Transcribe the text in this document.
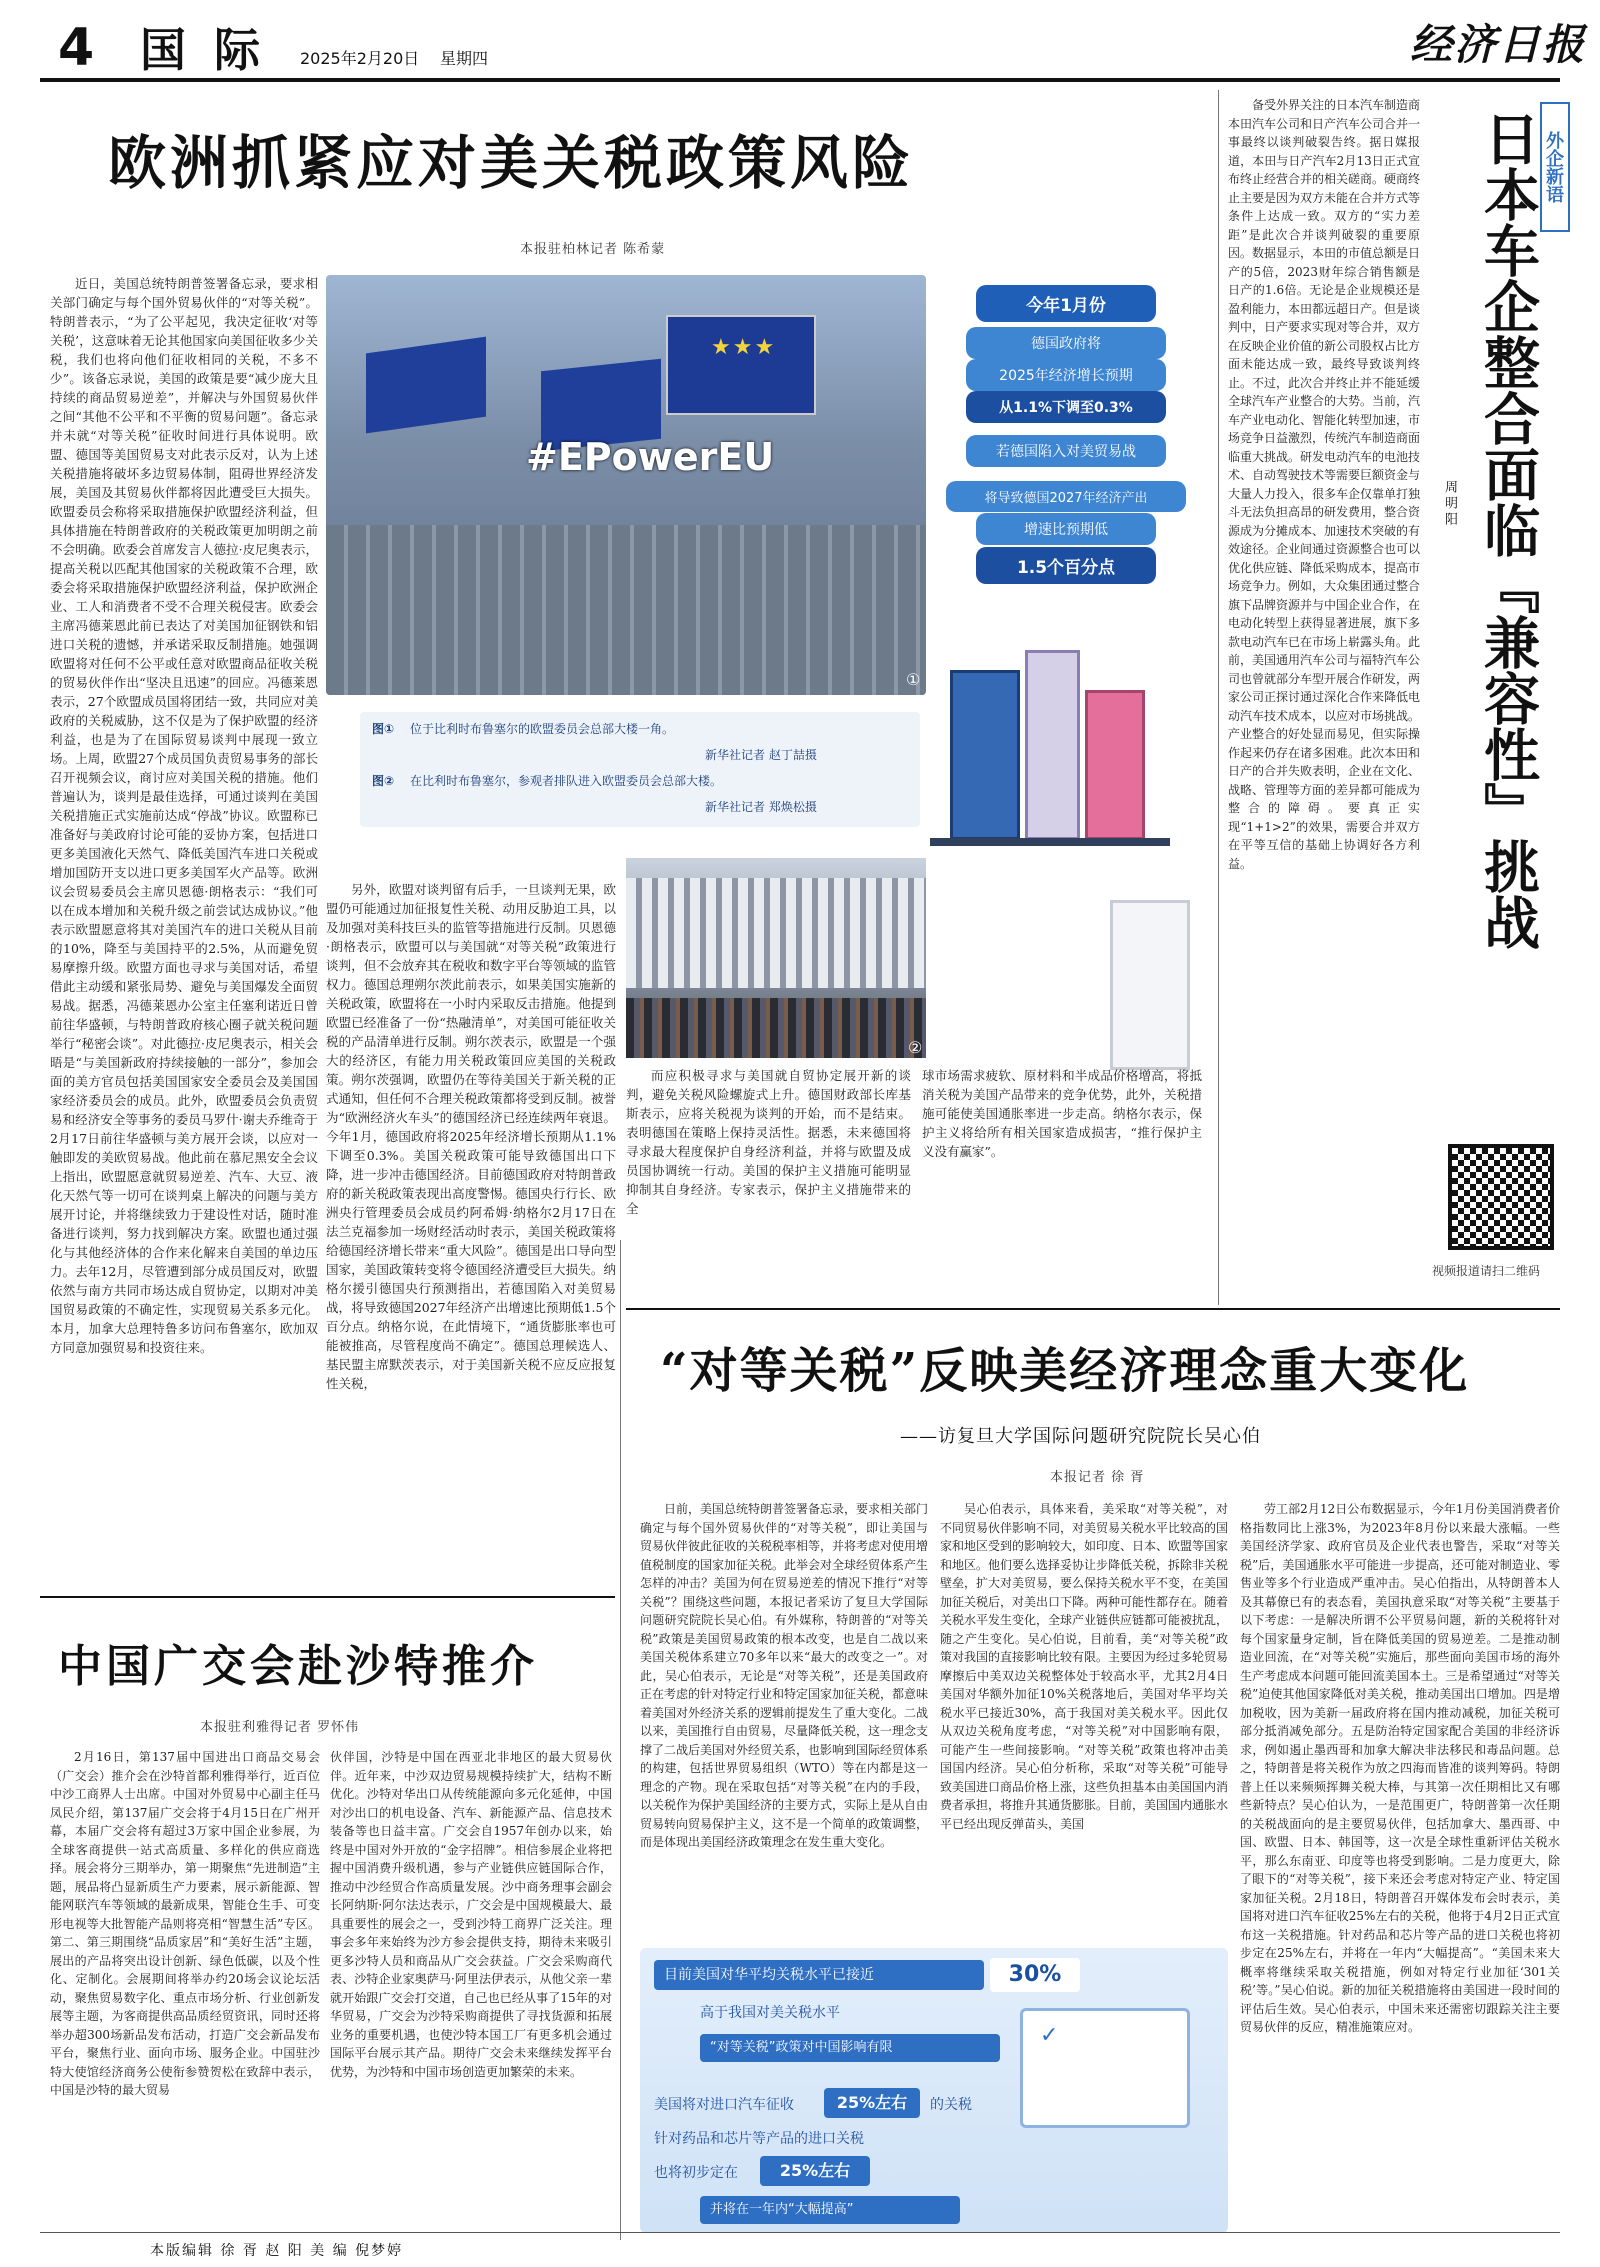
4 国 际 2025年2月20日 星期四	经济日报
欧洲抓紧应对美关税政策风险
本报驻柏林记者 陈希蒙

近日，美国总统特朗普签署备忘录，要求相关部门确定与每个国外贸易伙伴的“对等关税”。特朗普表示，“为了公平起见，我决定征收‘对等关税’，这意味着无论其他国家向美国征收多少关税，我们也将向他们征收相同的关税，不多不少”。该备忘录说，美国的政策是要“减少庞大且持续的商品贸易逆差”，并解决与外国贸易伙伴之间“其他不公平和不平衡的贸易问题”。备忘录并未就“对等关税”征收时间进行具体说明。欧盟、德国等美国贸易支对此表示反对，认为上述关税措施将破坏多边贸易体制，阻碍世界经济发展，美国及其贸易伙伴都将因此遭受巨大损失。欧盟委员会称将采取措施保护欧盟经济利益，但具体措施在特朗普政府的关税政策更加明朗之前不会明确。欧委会首席发言人德拉·皮尼奥表示，提高关税以匹配其他国家的关税政策不合理，欧委会将采取措施保护欧盟经济利益，保护欧洲企业、工人和消费者不受不合理关税侵害。欧委会主席冯德莱恩此前已表达了对美国加征钢铁和铝进口关税的遗憾，并承诺采取反制措施。她强调欧盟将对任何不公平或任意对欧盟商品征收关税的贸易伙伴作出“坚决且迅速”的回应。冯德莱恩表示，27个欧盟成员国将团结一致，共同应对美政府的关税威胁，这不仅是为了保护欧盟的经济利益，也是为了在国际贸易谈判中展现一致立场。上周，欧盟27个成员国负责贸易事务的部长召开视频会议，商讨应对美国关税的措施。他们普遍认为，谈判是最佳选择，可通过谈判在美国关税措施正式实施前达成“停战”协议。欧盟称已准备好与美政府讨论可能的妥协方案，包括进口更多美国液化天然气、降低美国汽车进口关税或增加国防开支以进口更多美国军火产品等。欧洲议会贸易委员会主席贝恩德·朗格表示：“我们可以在成本增加和关税升级之前尝试达成协议。”他表示欧盟愿意将其对美国汽车的进口关税从目前的10%，降至与美国持平的2.5%，从而避免贸易摩擦升级。欧盟方面也寻求与美国对话，希望借此主动缓和紧张局势、避免与美国爆发全面贸易战。据悉，冯德莱恩办公室主任塞利诺近日曾前往华盛顿，与特朗普政府核心圈子就关税问题举行“秘密会谈”。对此德拉·皮尼奥表示，相关会晤是“与美国新政府持续接触的一部分”，参加会面的美方官员包括美国国家安全委员会及美国国家经济委员会的成员。此外，欧盟委员会负责贸易和经济安全等事务的委员马罗什·谢夫乔维奇于2月17日前往华盛顿与美方展开会谈，以应对一触即发的美欧贸易战。他此前在慕尼黑安全会议上指出，欧盟愿意就贸易逆差、汽车、大豆、液化天然气等一切可在谈判桌上解决的问题与美方展开讨论，并将继续致力于建设性对话，随时准备进行谈判，努力找到解决方案。欧盟也通过强化与其他经济体的合作来化解来自美国的单边压力。去年12月，尽管遭到部分成员国反对，欧盟依然与南方共同市场达成自贸协定，以期对冲美国贸易政策的不确定性，实现贸易关系多元化。本月，加拿大总理特鲁多访问布鲁塞尔，欧加双方同意加强贸易和投资往来。

★★★
#EPowerEU
①
今年1月份
德国政府将
2025年经济增长预期
从1.1%下调至0.3%
若德国陷入对美贸易战
将导致德国2027年经济产出
增速比预期低
1.5个百分点
图① 位于比利时布鲁塞尔的欧盟委员会总部大楼一角。
新华社记者 赵丁喆摄
图② 在比利时布鲁塞尔，参观者排队进入欧盟委员会总部大楼。
新华社记者 郑焕松摄
②

另外，欧盟对谈判留有后手，一旦谈判无果，欧盟仍可能通过加征报复性关税、动用反胁迫工具，以及加强对美科技巨头的监管等措施进行反制。贝恩德·朗格表示，欧盟可以与美国就“对等关税”政策进行谈判，但不会放弃其在税收和数字平台等领域的监管权力。德国总理朔尔茨此前表示，如果美国实施新的关税政策，欧盟将在一小时内采取反击措施。他提到欧盟已经准备了一份“热融清单”，对美国可能征收关税的产品清单进行反制。朔尔茨表示，欧盟是一个强大的经济区，有能力用关税政策回应美国的关税政策。朔尔茨强调，欧盟仍在等待美国关于新关税的正式通知，但任何不合理关税政策都将受到反制。被誉为“欧洲经济火车头”的德国经济已经连续两年衰退。今年1月，德国政府将2025年经济增长预期从1.1%下调至0.3%。美国关税政策可能导致德国出口下降，进一步冲击德国经济。目前德国政府对特朗普政府的新关税政策表现出高度警惕。德国央行行长、欧洲央行管理委员会成员约阿希姆·纳格尔2月17日在法兰克福参加一场财经活动时表示，美国关税政策将给德国经济增长带来“重大风险”。德国是出口导向型国家，美国政策转变将令德国经济遭受巨大损失。纳格尔援引德国央行预测指出，若德国陷入对美贸易战，将导致德国2027年经济产出增速比预期低1.5个百分点。纳格尔说，在此情境下，“通货膨胀率也可能被推高，尽管程度尚不确定”。德国总理候选人、基民盟主席默茨表示，对于美国新关税不应反应报复性关税，

而应积极寻求与美国就自贸协定展开新的谈判，避免关税风险螺旋式上升。德国财政部长库基斯表示，应将关税视为谈判的开始，而不是结束。表明德国在策略上保持灵活性。据悉，未来德国将寻求最大程度保护自身经济利益，并将与欧盟及成员国协调统一行动。美国的保护主义措施可能明显抑制其自身经济。专家表示，保护主义措施带来的全

球市场需求疲软、原材料和半成品价格增高，将抵消关税为美国产品带来的竞争优势，此外，关税措施可能使美国通胀率进一步走高。纳格尔表示，保护主义将给所有相关国家造成损害，“推行保护主义没有赢家”。

备受外界关注的日本汽车制造商本田汽车公司和日产汽车公司合并一事最终以谈判破裂告终。据日媒报道，本田与日产汽车2月13日正式宣布终止经营合并的相关磋商。硬商终止主要是因为双方未能在合并方式等条件上达成一致。双方的“实力差距”是此次合并谈判破裂的重要原因。数据显示，本田的市值总额是日产的5倍，2023财年综合销售额是日产的1.6倍。无论是企业规模还是盈利能力，本田都远超日产。但是谈判中，日产要求实现对等合并，双方在反映企业价值的新公司股权占比方面未能达成一致，最终导致谈判终止。不过，此次合并终止并不能延缓全球汽车产业整合的大势。当前，汽车产业电动化、智能化转型加速，市场竞争日益激烈，传统汽车制造商面临重大挑战。研发电动汽车的电池技术、自动驾驶技术等需要巨额资金与大量人力投入，很多车企仅靠单打独斗无法负担高昂的研发费用，整合资源成为分摊成本、加速技术突破的有效途径。企业间通过资源整合也可以优化供应链、降低采购成本，提高市场竞争力。例如，大众集团通过整合旗下品牌资源并与中国企业合作，在电动化转型上获得显著进展，旗下多款电动汽车已在市场上崭露头角。此前，美国通用汽车公司与福特汽车公司也曾就部分车型开展合作研发，两家公司正探讨通过深化合作来降低电动汽车技术成本，以应对市场挑战。产业整合的好处显而易见，但实际操作起来仍存在诸多困难。此次本田和日产的合并失败表明，企业在文化、战略、管理等方面的差异都可能成为整合的障碍。要真正实现“1+1>2”的效果，需要合并双方在平等互信的基础上协调好各方利益。

外企新语
日本车企整合面临『兼容性』挑战
周明阳
视频报道请扫二维码
“对等关税”反映美经济理念重大变化
——访复旦大学国际问题研究院院长吴心伯
本报记者 徐 胥

日前，美国总统特朗普签署备忘录，要求相关部门确定与每个国外贸易伙伴的“对等关税”，即让美国与贸易伙伴彼此征收的关税税率相等，并将考虑对使用增值税制度的国家加征关税。此举会对全球经贸体系产生怎样的冲击？美国为何在贸易逆差的情况下推行“对等关税”？围绕这些问题，本报记者采访了复旦大学国际问题研究院院长吴心伯。有外媒称，特朗普的“对等关税”政策是美国贸易政策的根本改变，也是自二战以来美国关税体系建立70多年以来“最大的改变之一”。对此，吴心伯表示，无论是“对等关税”，还是美国政府正在考虑的针对特定行业和特定国家加征关税，都意味着美国对外经济关系的逻辑前提发生了重大变化。二战以来，美国推行自由贸易，尽量降低关税，这一理念支撑了二战后美国对外经贸关系，也影响到国际经贸体系的构建，包括世界贸易组织（WTO）等在内都是这一理念的产物。现在采取包括“对等关税”在内的手段，以关税作为保护美国经济的主要方式，实际上是从自由贸易转向贸易保护主义，这不是一个简单的政策调整，而是体现出美国经济政策理念在发生重大变化。

吴心伯表示，具体来看，美采取“对等关税”，对不同贸易伙伴影响不同，对美贸易关税水平比较高的国家和地区受到的影响较大，如印度、日本、欧盟等国家和地区。他们要么选择妥协让步降低关税，拆除非关税壁垒，扩大对美贸易，要么保持关税水平不变，在美国加征关税后，对美出口下降。两种可能性都存在。随着关税水平发生变化，全球产业链供应链都可能被扰乱，随之产生变化。吴心伯说，目前看，美“对等关税”政策对我国的直接影响比较有限。主要因为经过多轮贸易摩擦后中美双边关税整体处于较高水平，尤其2月4日美国对华额外加征10%关税落地后，美国对华平均关税水平已接近30%，高于我国对美关税水平。因此仅从双边关税角度考虑，“对等关税”对中国影响有限，可能产生一些间接影响。“对等关税”政策也将冲击美国国内经济。吴心伯分析称，采取“对等关税”可能导致美国进口商品价格上涨，这些负担基本由美国国内消费者承担，将推升其通货膨胀。目前，美国国内通胀水平已经出现反弹苗头，美国

劳工部2月12日公布数据显示，今年1月份美国消费者价格指数同比上涨3%，为2023年8月份以来最大涨幅。一些美国经济学家、政府官员及企业代表也警告，采取“对等关税”后，美国通胀水平可能进一步提高，还可能对制造业、零售业等多个行业造成严重冲击。吴心伯指出，从特朗普本人及其幕僚已有的表态看，美国执意采取“对等关税”主要基于以下考虑：一是解决所谓不公平贸易问题，新的关税将针对每个国家量身定制，旨在降低美国的贸易逆差。二是推动制造业回流，在“对等关税”实施后，那些面向美国市场的海外生产考虑成本问题可能回流美国本土。三是希望通过“对等关税”迫使其他国家降低对美关税，推动美国出口增加。四是增加税收，因为美新一届政府将在国内推动减税，加征关税可部分抵消减免部分。五是防治特定国家配合美国的非经济诉求，例如遏止墨西哥和加拿大解决非法移民和毒品问题。总之，特朗普是将关税作为放之四海而皆准的谈判筹码。特朗普上任以来频频挥舞关税大棒，与其第一次任期相比又有哪些新特点？吴心伯认为，一是范围更广，特朗普第一次任期的关税战面向的是主要贸易伙伴，包括加拿大、墨西哥、中国、欧盟、日本、韩国等，这一次是全球性重新评估关税水平，那么东南亚、印度等也将受到影响。二是力度更大，除了眼下的“对等关税”，接下来还会考虑对特定产业、特定国家加征关税。2月18日，特朗普召开媒体发布会时表示，美国将对进口汽车征收25%左右的关税，他将于4月2日正式宣布这一关税措施。针对药品和芯片等产品的进口关税也将初步定在25%左右，并将在一年内“大幅提高”。“美国未来大概率将继续采取关税措施，例如对特定行业加征‘301关税’等。”吴心伯说。新的加征关税措施将由美国进一段时间的评估后生效。吴心伯表示，中国未来还需密切跟踪关注主要贸易伙伴的反应，精准施策应对。

目前美国对华平均关税水平已接近	30%
高于我国对美关税水平
“对等关税”政策对中国影响有限	✓
美国将对进口汽车征收	25%左右	的关税
针对药品和芯片等产品的进口关税
也将初步定在	25%左右
并将在一年内“大幅提高”
中国广交会赴沙特推介
本报驻利雅得记者 罗怀伟

2月16日，第137届中国进出口商品交易会（广交会）推介会在沙特首都利雅得举行，近百位中沙工商界人士出席。中国对外贸易中心副主任马凤民介绍，第137届广交会将于4月15日在广州开幕，本届广交会将有超过3万家中国企业参展，为全球客商提供一站式高质量、多样化的供应商选择。展会将分三期举办，第一期聚焦“先进制造”主题，展品将凸显新质生产力要素，展示新能源、智能网联汽车等领域的最新成果，智能仓生手、可变形电视等大批智能产品则将亮相“智慧生活”专区。第二、第三期围绕“品质家居”和“美好生活”主题，展出的产品将突出设计创新、绿色低碳，以及个性化、定制化。会展期间将举办约20场会议论坛活动，聚焦贸易数字化、重点市场分析、行业创新发展等主题，为客商提供高品质经贸资讯，同时还将举办超300场新品发布活动，打造广交会新品发布平台，聚焦行业、面向市场、服务企业。中国驻沙特大使馆经济商务公使衔参赞贺松在致辞中表示，中国是沙特的最大贸易

伙伴国，沙特是中国在西亚北非地区的最大贸易伙伴。近年来，中沙双边贸易规模持续扩大，结构不断优化。沙特对华出口从传统能源向多元化延伸，中国对沙出口的机电设备、汽车、新能源产品、信息技术装备等也日益丰富。广交会自1957年创办以来，始终是中国对外开放的“金字招牌”。相信参展企业将把握中国消费升级机遇，参与产业链供应链国际合作，推动中沙经贸合作高质量发展。沙中商务理事会副会长阿纳斯·阿尔法达表示，广交会是中国规模最大、最具重要性的展会之一，受到沙特工商界广泛关注。理事会多年来始终为沙方参会提供支持，期待未来吸引更多沙特人员和商品从广交会获益。广交会采购商代表、沙特企业家奥萨马·阿里法伊表示，从他父亲一辈就开始跟广交会打交道，自己也已经从事了15年的对华贸易，广交会为沙特采购商提供了寻找货源和拓展业务的重要机遇，也使沙特本国工厂有更多机会通过国际平台展示其产品。期待广交会未来继续发挥平台优势，为沙特和中国市场创造更加繁荣的未来。

本版编辑 徐 胥 赵 阳 美 编 倪梦婷
